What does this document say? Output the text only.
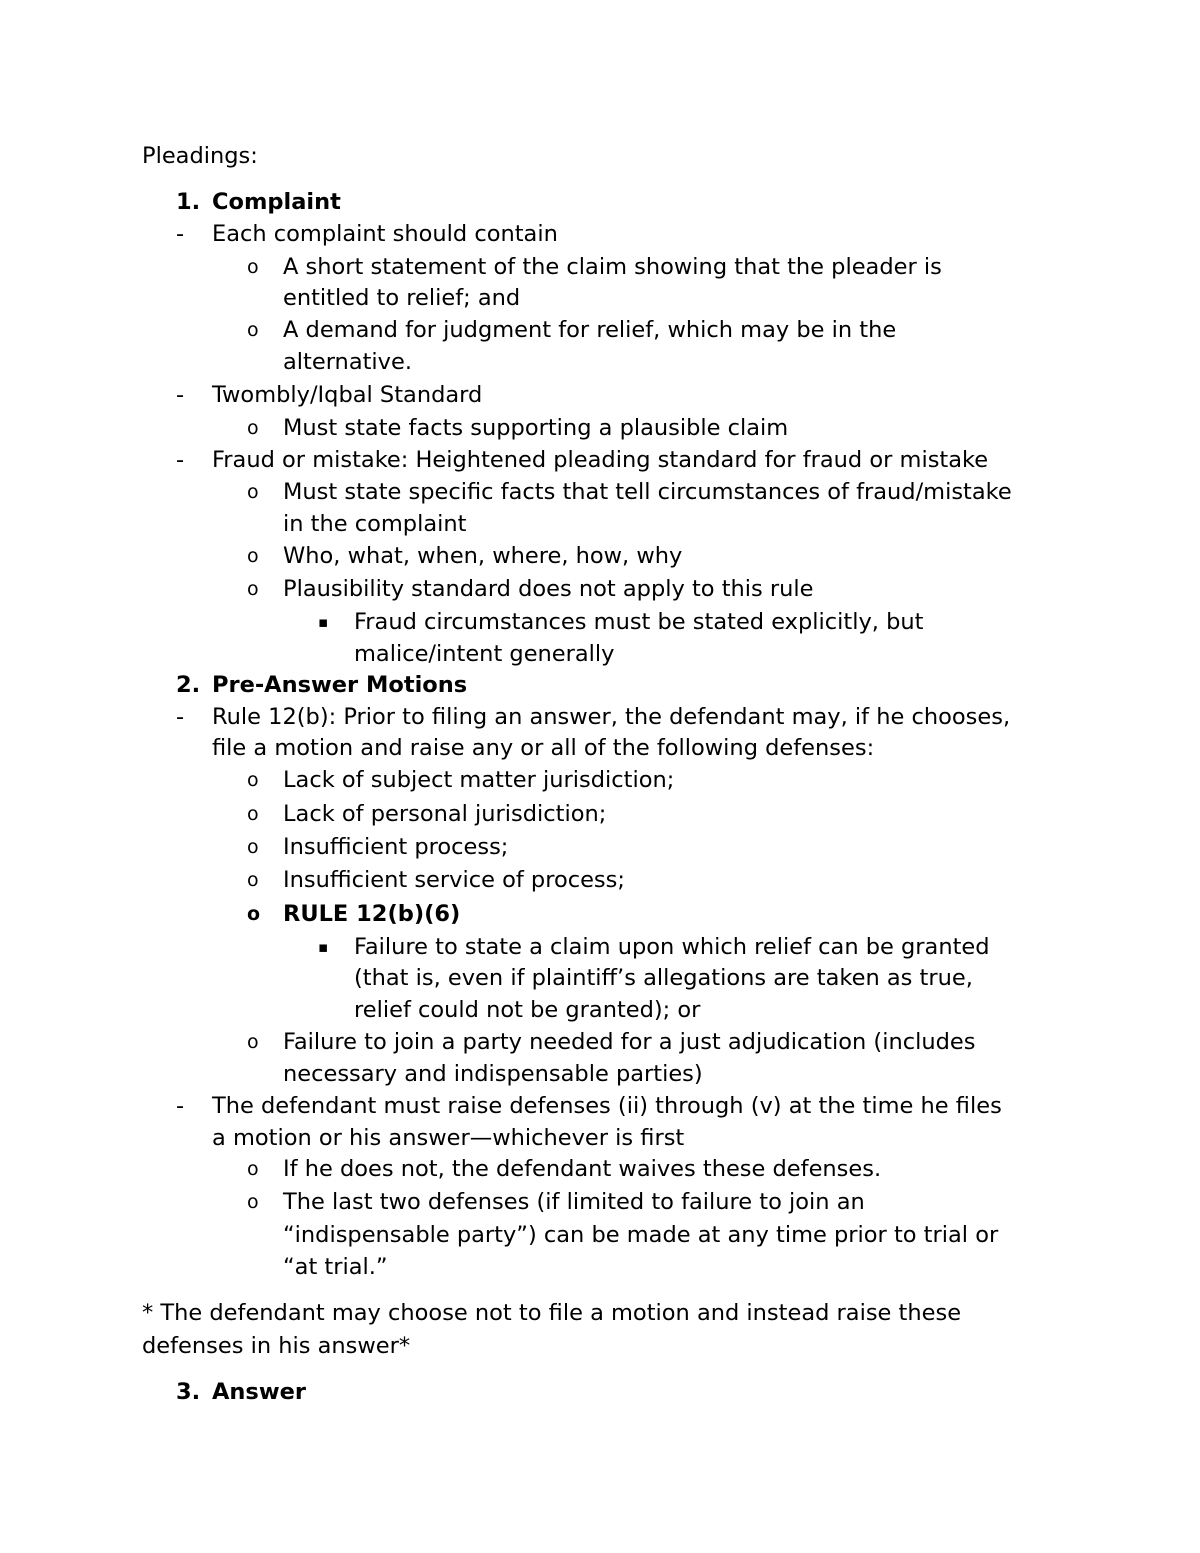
Pleadings:
1. Complaint
- Each complaint should contain
o A short statement of the claim showing that the pleader is
entitled to relief; and
o A demand for judgment for relief, which may be in the
alternative.
- Twombly/Iqbal Standard
o Must state facts supporting a plausible claim
- Fraud or mistake: Heightened pleading standard for fraud or mistake
o Must state specific facts that tell circumstances of fraud/mistake
in the complaint
o Who, what, when, where, how, why
o Plausibility standard does not apply to this rule
▪ Fraud circumstances must be stated explicitly, but
malice/intent generally
2. Pre-Answer Motions
- Rule 12(b): Prior to filing an answer, the defendant may, if he chooses,
file a motion and raise any or all of the following defenses:
o Lack of subject matter jurisdiction;
o Lack of personal jurisdiction;
o Insufficient process;
o Insufficient service of process;
o RULE 12(b)(6)
▪ Failure to state a claim upon which relief can be granted
(that is, even if plaintiff’s allegations are taken as true,
relief could not be granted); or
o Failure to join a party needed for a just adjudication (includes
necessary and indispensable parties)
- The defendant must raise defenses (ii) through (v) at the time he files
a motion or his answer—whichever is first
o If he does not, the defendant waives these defenses.
o The last two defenses (if limited to failure to join an
“indispensable party”) can be made at any time prior to trial or
“at trial.”
* The defendant may choose not to file a motion and instead raise these
defenses in his answer*
3. Answer
